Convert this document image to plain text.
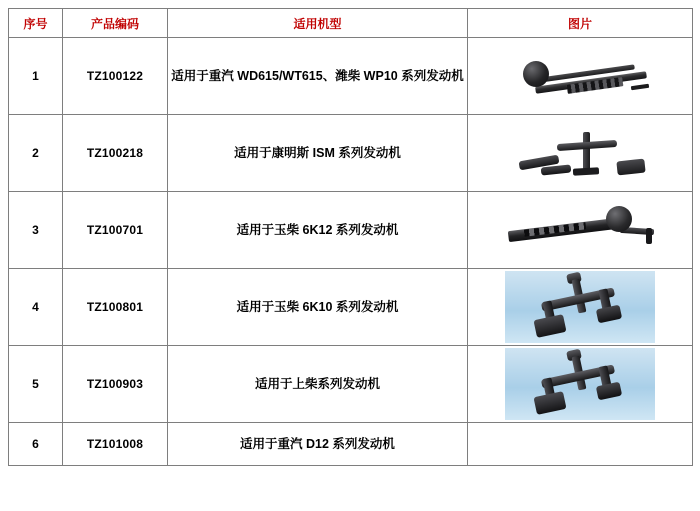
序号	产品编码	适用机型	图片
1	TZ100122	适用于重汽 WD615/WT615、潍柴 WP10 系列发动机	

2	TZ100218	适用于康明斯 ISM 系列发动机	

3	TZ100701	适用于玉柴 6K12 系列发动机	

4	TZ100801	适用于玉柴 6K10 系列发动机	

5	TZ100903	适用于上柴系列发动机	

6	TZ101008	适用于重汽 D12 系列发动机	
